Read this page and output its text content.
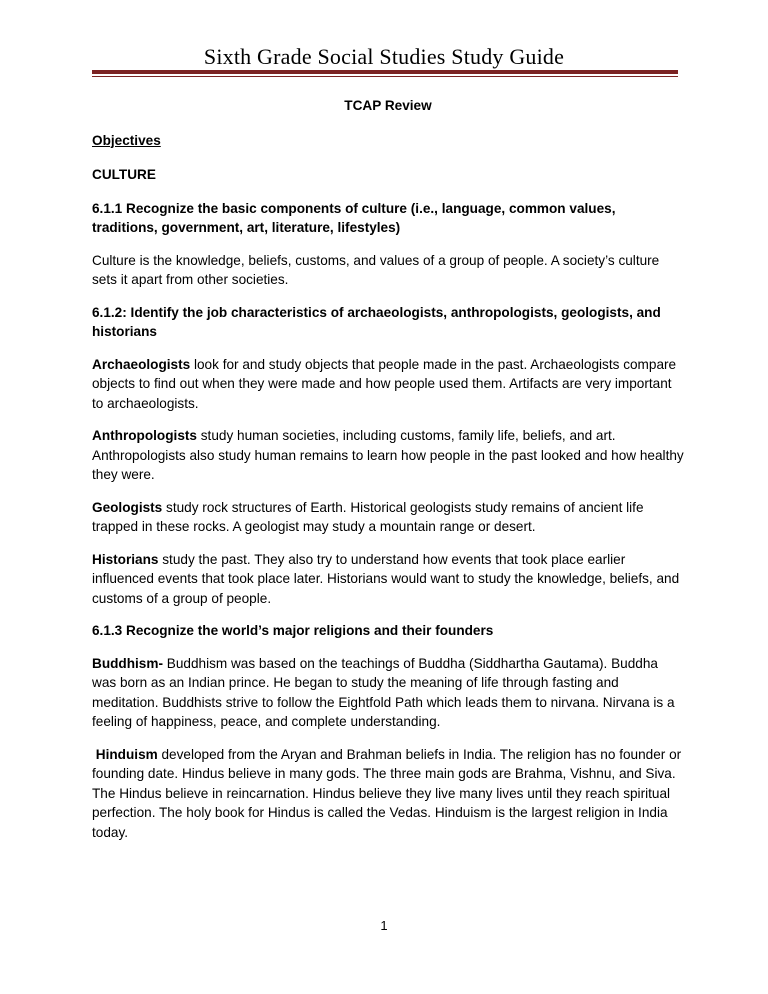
Sixth Grade Social Studies Study Guide

TCAP Review

Objectives

CULTURE

6.1.1 Recognize the basic components of culture (i.e., language, common values, traditions, government, art, literature, lifestyles)

Culture is the knowledge, beliefs, customs, and values of a group of people. A society’s culture sets it apart from other societies.

6.1.2: Identify the job characteristics of archaeologists, anthropologists, geologists, and historians

Archaeologists look for and study objects that people made in the past. Archaeologists compare objects to find out when they were made and how people used them. Artifacts are very important to archaeologists.

Anthropologists study human societies, including customs, family life, beliefs, and art. Anthropologists also study human remains to learn how people in the past looked and how healthy they were.

Geologists study rock structures of Earth. Historical geologists study remains of ancient life trapped in these rocks. A geologist may study a mountain range or desert.

Historians study the past. They also try to understand how events that took place earlier influenced events that took place later. Historians would want to study the knowledge, beliefs, and customs of a group of people.

6.1.3 Recognize the world’s major religions and their founders

Buddhism- Buddhism was based on the teachings of Buddha (Siddhartha Gautama). Buddha was born as an Indian prince. He began to study the meaning of life through fasting and meditation. Buddhists strive to follow the Eightfold Path which leads them to nirvana. Nirvana is a feeling of happiness, peace, and complete understanding.

Hinduism developed from the Aryan and Brahman beliefs in India. The religion has no founder or founding date. Hindus believe in many gods. The three main gods are Brahma, Vishnu, and Siva. The Hindus believe in reincarnation. Hindus believe they live many lives until they reach spiritual perfection. The holy book for Hindus is called the Vedas. Hinduism is the largest religion in India today.

1
